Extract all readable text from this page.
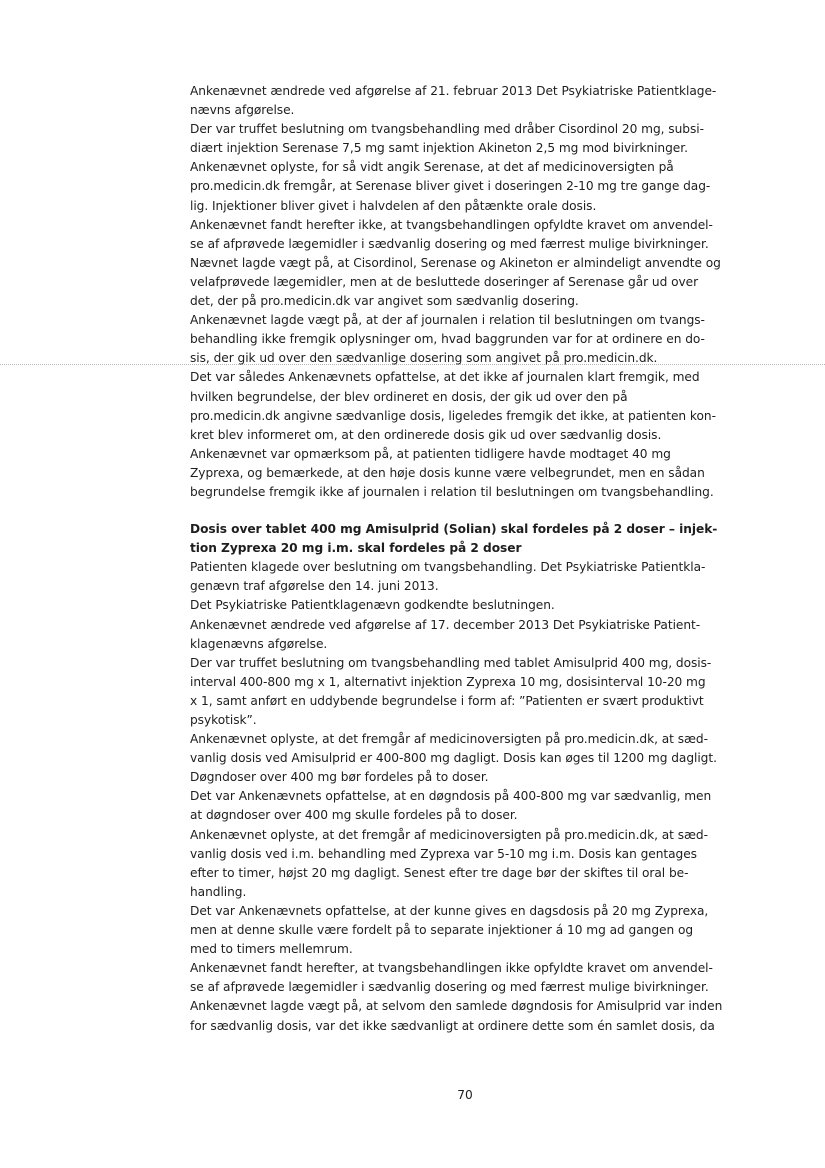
Ankenævnet ændrede ved afgørelse af 21. februar 2013 Det Psykiatriske Patientklage-
nævns afgørelse.
Der var truffet beslutning om tvangsbehandling med dråber Cisordinol 20 mg, subsi-
diært injektion Serenase 7,5 mg samt injektion Akineton 2,5 mg mod bivirkninger.
Ankenævnet oplyste, for så vidt angik Serenase, at det af medicinoversigten på
pro.medicin.dk fremgår, at Serenase bliver givet i doseringen 2-10 mg tre gange dag-
lig. Injektioner bliver givet i halvdelen af den påtænkte orale dosis.
Ankenævnet fandt herefter ikke, at tvangsbehandlingen opfyldte kravet om anvendel-
se af afprøvede lægemidler i sædvanlig dosering og med færrest mulige bivirkninger.
Nævnet lagde vægt på, at Cisordinol, Serenase og Akineton er almindeligt anvendte og
velafprøvede lægemidler, men at de besluttede doseringer af Serenase går ud over
det, der på pro.medicin.dk var angivet som sædvanlig dosering.
Ankenævnet lagde vægt på, at der af journalen i relation til beslutningen om tvangs-
behandling ikke fremgik oplysninger om, hvad baggrunden var for at ordinere en do-
sis, der gik ud over den sædvanlige dosering som angivet på pro.medicin.dk.
Det var således Ankenævnets opfattelse, at det ikke af journalen klart fremgik, med
hvilken begrundelse, der blev ordineret en dosis, der gik ud over den på
pro.medicin.dk angivne sædvanlige dosis, ligeledes fremgik det ikke, at patienten kon-
kret blev informeret om, at den ordinerede dosis gik ud over sædvanlig dosis.
Ankenævnet var opmærksom på, at patienten tidligere havde modtaget 40 mg
Zyprexa, og bemærkede, at den høje dosis kunne være velbegrundet, men en sådan
begrundelse fremgik ikke af journalen i relation til beslutningen om tvangsbehandling.
Dosis over tablet 400 mg Amisulprid (Solian) skal fordeles på 2 doser – injek-
tion Zyprexa 20 mg i.m. skal fordeles på 2 doser
Patienten klagede over beslutning om tvangsbehandling. Det Psykiatriske Patientkla-
genævn traf afgørelse den 14. juni 2013.
Det Psykiatriske Patientklagenævn godkendte beslutningen.
Ankenævnet ændrede ved afgørelse af 17. december 2013 Det Psykiatriske Patient-
klagenævns afgørelse.
Der var truffet beslutning om tvangsbehandling med tablet Amisulprid 400 mg, dosis-
interval 400-800 mg x 1, alternativt injektion Zyprexa 10 mg, dosisinterval 10-20 mg
x 1, samt anført en uddybende begrundelse i form af: ”Patienten er svært produktivt
psykotisk”.
Ankenævnet oplyste, at det fremgår af medicinoversigten på pro.medicin.dk, at sæd-
vanlig dosis ved Amisulprid er 400-800 mg dagligt. Dosis kan øges til 1200 mg dagligt.
Døgndoser over 400 mg bør fordeles på to doser.
Det var Ankenævnets opfattelse, at en døgndosis på 400-800 mg var sædvanlig, men
at døgndoser over 400 mg skulle fordeles på to doser.
Ankenævnet oplyste, at det fremgår af medicinoversigten på pro.medicin.dk, at sæd-
vanlig dosis ved i.m. behandling med Zyprexa var 5-10 mg i.m. Dosis kan gentages
efter to timer, højst 20 mg dagligt. Senest efter tre dage bør der skiftes til oral be-
handling.
Det var Ankenævnets opfattelse, at der kunne gives en dagsdosis på 20 mg Zyprexa,
men at denne skulle være fordelt på to separate injektioner á 10 mg ad gangen og
med to timers mellemrum.
Ankenævnet fandt herefter, at tvangsbehandlingen ikke opfyldte kravet om anvendel-
se af afprøvede lægemidler i sædvanlig dosering og med færrest mulige bivirkninger.
Ankenævnet lagde vægt på, at selvom den samlede døgndosis for Amisulprid var inden
for sædvanlig dosis, var det ikke sædvanligt at ordinere dette som én samlet dosis, da
70
